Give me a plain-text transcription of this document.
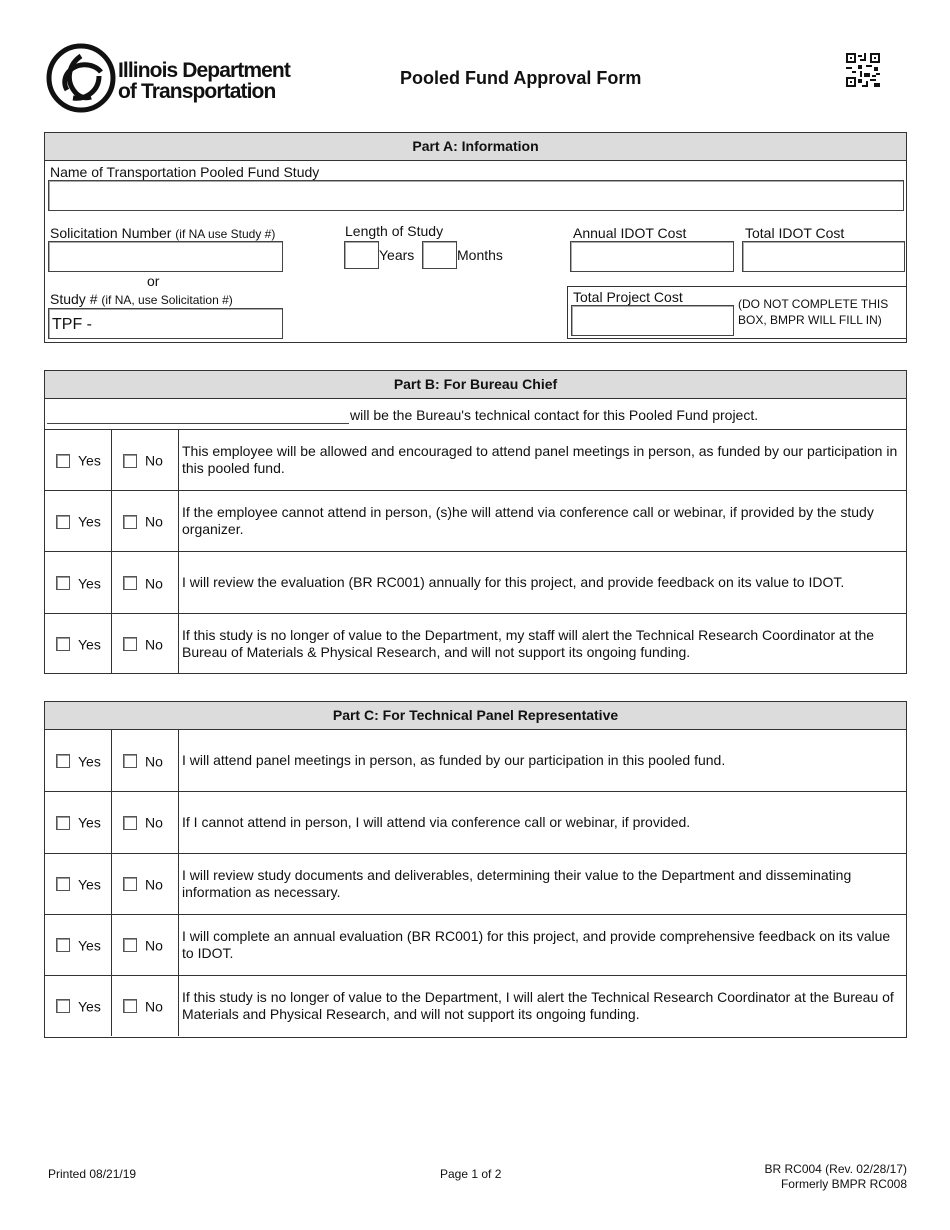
Illinois Department
of Transportation
Pooled Fund Approval Form
Part A: Information
Name of Transportation Pooled Fund Study
Solicitation Number (if NA use Study #)
or
Study # (if NA, use Solicitation #)
TPF -
Length of Study
Years	Months
Annual IDOT Cost	Total IDOT Cost
Total Project Cost	(DO NOT COMPLETE THIS BOX, BMPR WILL FILL IN)
Part B: For Bureau Chief
will be the Bureau's technical contact for this Pooled Fund project.
Yes	No	This employee will be allowed and encouraged to attend panel meetings in person, as funded by our participation in this pooled fund.
Yes	No	If the employee cannot attend in person, (s)he will attend via conference call or webinar, if provided by the study organizer.
Yes	No	I will review the evaluation (BR RC001) annually for this project, and provide feedback on its value to IDOT.
Yes	No	If this study is no longer of value to the Department, my staff will alert the Technical Research Coordinator at the Bureau of Materials & Physical Research, and will not support its ongoing funding.
Part C: For Technical Panel Representative
Yes	No	I will attend panel meetings in person, as funded by our participation in this pooled fund.
Yes	No	If I cannot attend in person, I will attend via conference call or webinar, if provided.
Yes	No	I will review study documents and deliverables, determining their value to the Department and disseminating information as necessary.
Yes	No	I will complete an annual evaluation (BR RC001) for this project, and provide comprehensive feedback on its value to IDOT.
Yes	No	If this study is no longer of value to the Department, I will alert the Technical Research Coordinator at the Bureau of Materials and Physical Research, and will not support its ongoing funding.
Printed 08/21/19	Page 1 of 2	BR RC004 (Rev. 02/28/17)
Formerly BMPR RC008
